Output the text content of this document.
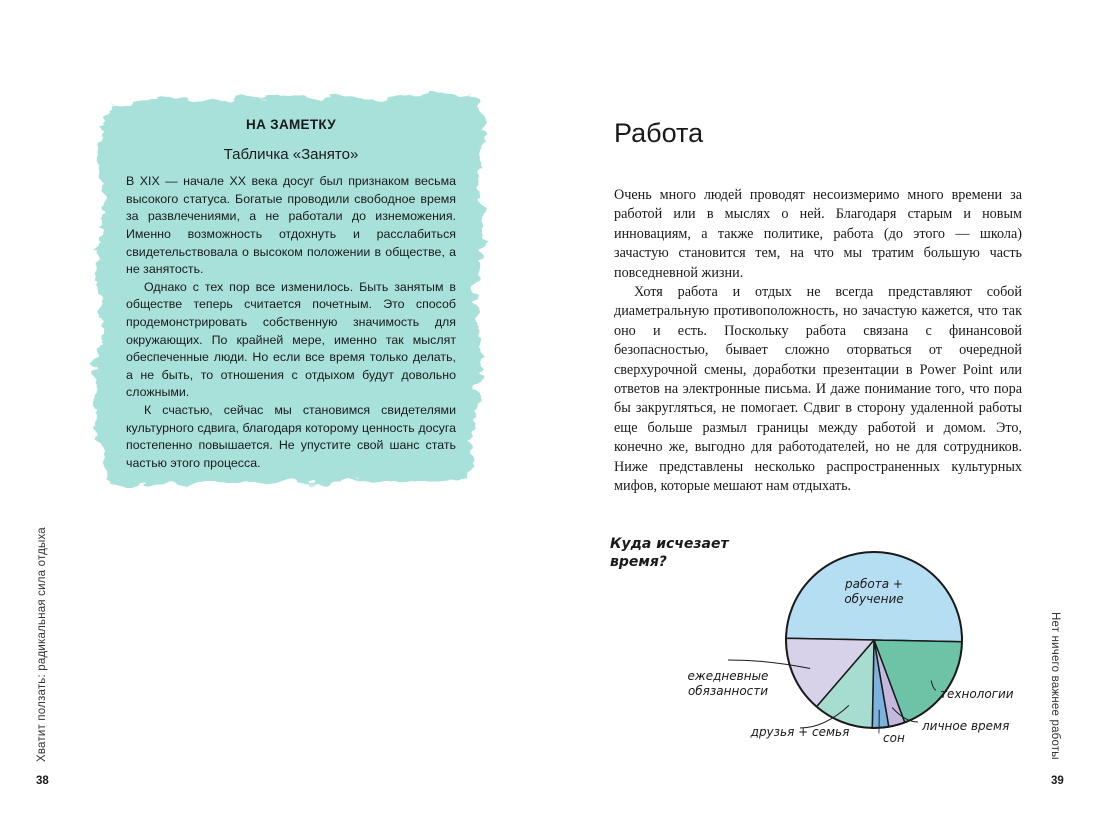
НА ЗАМЕТКУ
Табличка «Занято»

В XIX — начале XX века досуг был признаком весьма высокого статуса. Богатые проводили свободное время за развлечениями, а не работали до изнеможения. Именно возможность отдохнуть и расслабиться свидетельствовала о высоком положении в обществе, а не занятость.

Однако с тех пор все изменилось. Быть занятым в обществе теперь считается почетным. Это способ продемонстрировать собственную значимость для окружающих. По крайней мере, именно так мыслят обеспеченные люди. Но если все время только делать, а не быть, то отношения с отдыхом будут довольно сложными.

К счастью, сейчас мы становимся свидетелями культурного сдвига, благодаря которому ценность досуга постепенно повышается. Не упустите свой шанс стать частью этого процесса.

Хватит ползать: радикальная сила отдыха
38
Работа

Очень много людей проводят несоизмеримо много времени за работой или в мыслях о ней. Благодаря старым и новым инновациям, а также политике, работа (до этого — школа) зачастую становится тем, на что мы тратим большую часть повседневной жизни.

Хотя работа и отдых не всегда представляют собой диаметральную противоположность, но зачастую кажется, что так оно и есть. Поскольку работа связана с финансовой безопасностью, бывает сложно оторваться от очередной сверхурочной смены, доработки презентации в Power Point или ответов на электронные письма. И даже понимание того, что пора бы закругляться, не помогает. Сдвиг в сторону удаленной работы еще больше размыл границы между работой и домом. Это, конечно же, выгодно для работодателей, но не для сотрудников. Ниже представлены несколько распространенных культурных мифов, которые мешают нам отдыхать.

Куда исчезает
время?
работа + обучение
технологии
личное время
сон
друзья + семья
ежедневные обязанности	Нет ничего важнее работы
39
